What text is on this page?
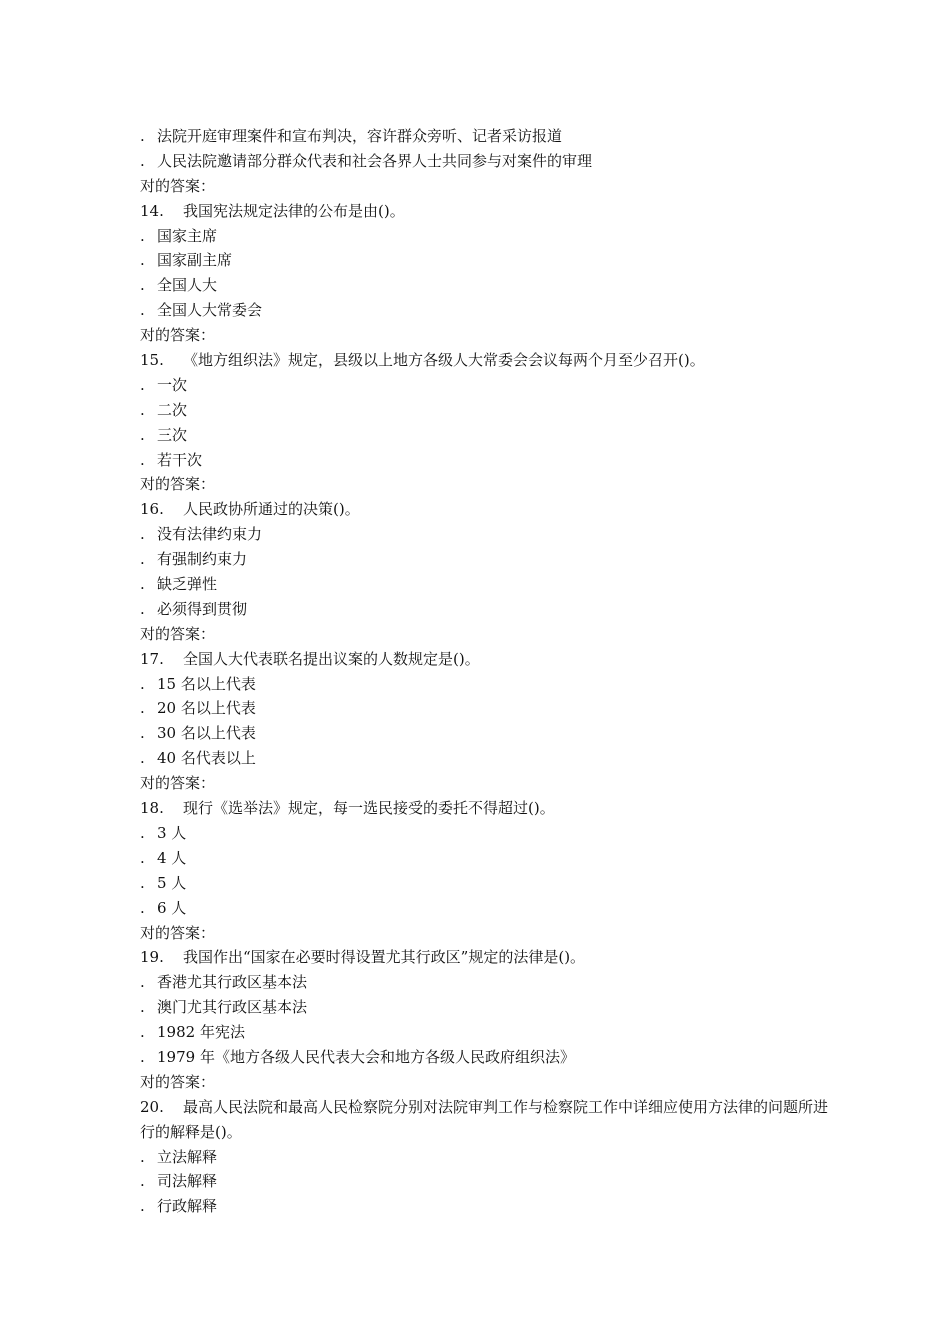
. 法院开庭审理案件和宣布判决，容许群众旁听、记者采访报道
. 人民法院邀请部分群众代表和社会各界人士共同参与对案件的审理
对的答案：
14. 我国宪法规定法律的公布是由()。
. 国家主席
. 国家副主席
. 全国人大
. 全国人大常委会
对的答案：
15. 《地方组织法》规定，县级以上地方各级人大常委会会议每两个月至少召开()。
. 一次
. 二次
. 三次
. 若干次
对的答案：
16. 人民政协所通过的决策()。
. 没有法律约束力
. 有强制约束力
. 缺乏弹性
. 必须得到贯彻
对的答案：
17. 全国人大代表联名提出议案的人数规定是()。
. 15 名以上代表
. 20 名以上代表
. 30 名以上代表
. 40 名代表以上
对的答案：
18. 现行《选举法》规定，每一选民接受的委托不得超过()。
. 3 人
. 4 人
. 5 人
. 6 人
对的答案：
19. 我国作出“国家在必要时得设置尤其行政区”规定的法律是()。
. 香港尤其行政区基本法
. 澳门尤其行政区基本法
. 1982 年宪法
. 1979 年《地方各级人民代表大会和地方各级人民政府组织法》
对的答案：
20. 最高人民法院和最高人民检察院分别对法院审判工作与检察院工作中详细应使用方法律的问题所进行的解释是()。
. 立法解释
. 司法解释
. 行政解释
